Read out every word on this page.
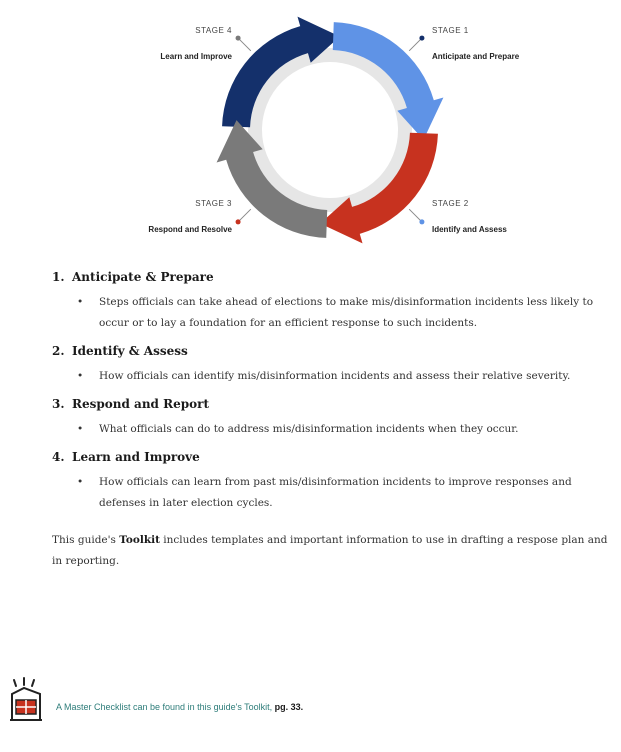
STAGE 1
Anticipate and Prepare
STAGE 2
Identify and Assess
STAGE 3
Respond and Resolve
STAGE 4
Learn and Improve
1. Anticipate & Prepare
• Steps officials can take ahead of elections to make mis/disinformation incidents less likely to occur or to lay a foundation for an efficient response to such incidents.
2. Identify & Assess
• How officials can identify mis/disinformation incidents and assess their relative severity.
3. Respond and Report
• What officials can do to address mis/disinformation incidents when they occur.
4. Learn and Improve
• How officials can learn from past mis/disinformation incidents to improve responses and defenses in later election cycles.
This guide's Toolkit includes templates and important information to use in drafting a respose plan and in reporting.
A Master Checklist can be found in this guide's Toolkit, pg. 33.
